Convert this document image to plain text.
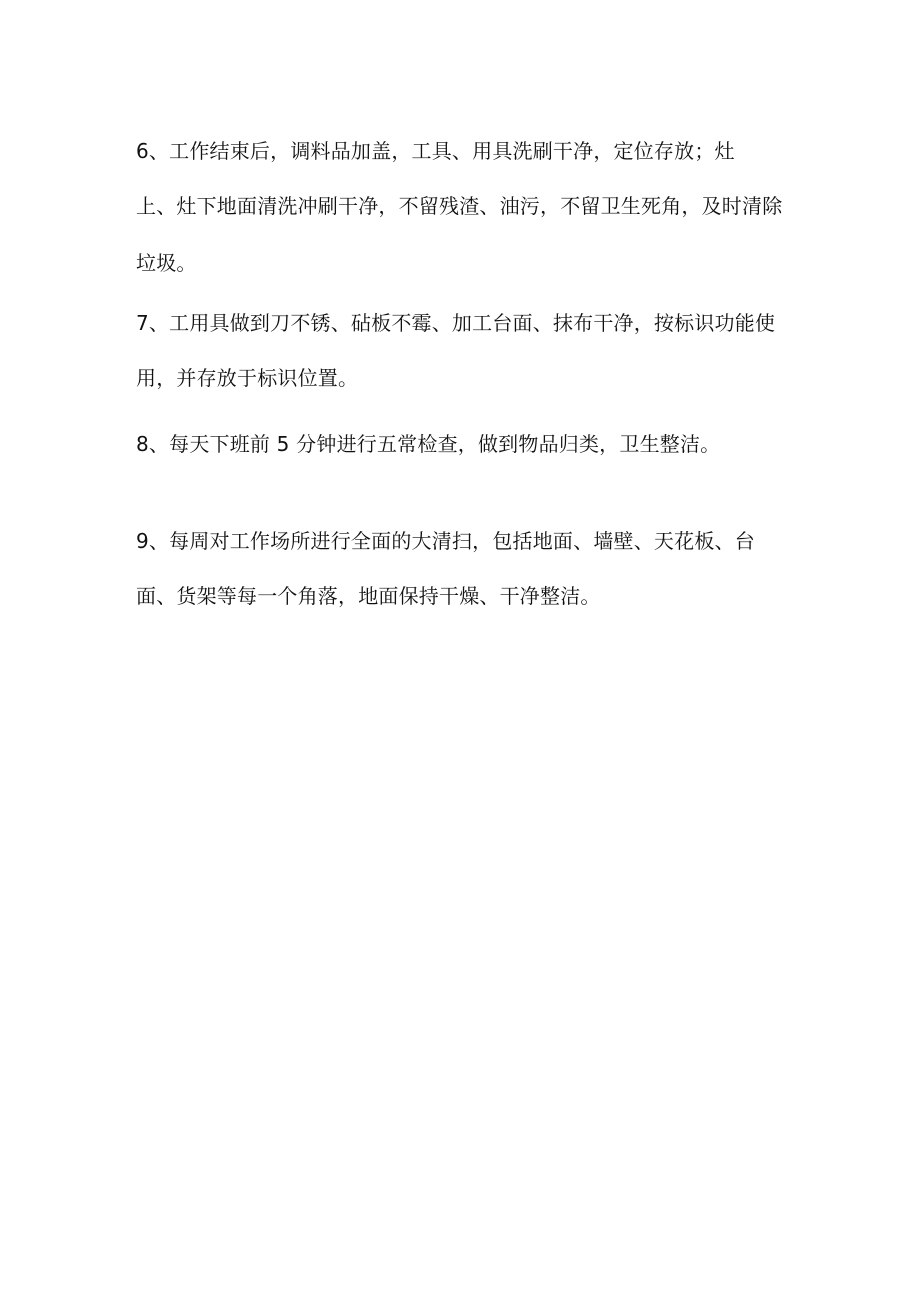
6、工作结束后，调料品加盖，工具、用具洗刷干净，定位存放；灶

上、灶下地面清洗冲刷干净，不留残渣、油污，不留卫生死角，及时清除

垃圾。

7、工用具做到刀不锈、砧板不霉、加工台面、抹布干净，按标识功能使

用，并存放于标识位置。

8、每天下班前 5 分钟进行五常检查，做到物品归类，卫生整洁。

9、每周对工作场所进行全面的大清扫，包括地面、墙壁、天花板、台

面、货架等每一个角落，地面保持干燥、干净整洁。
